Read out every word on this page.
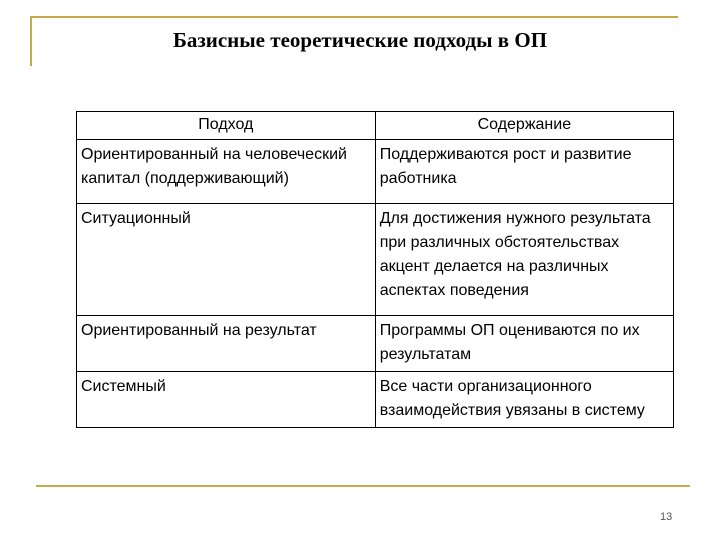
Базисные теоретические подходы в ОП
Подход	Содержание
Ориентированный на человеческий капитал (поддерживающий)	Поддерживаются рост и развитие работника
Ситуационный	Для достижения нужного результата при различных обстоятельствах акцент делается на различных аспектах поведения
Ориентированный на результат	Программы ОП оцениваются по их результатам
Системный	Все части организационного взаимодействия увязаны в систему
13
